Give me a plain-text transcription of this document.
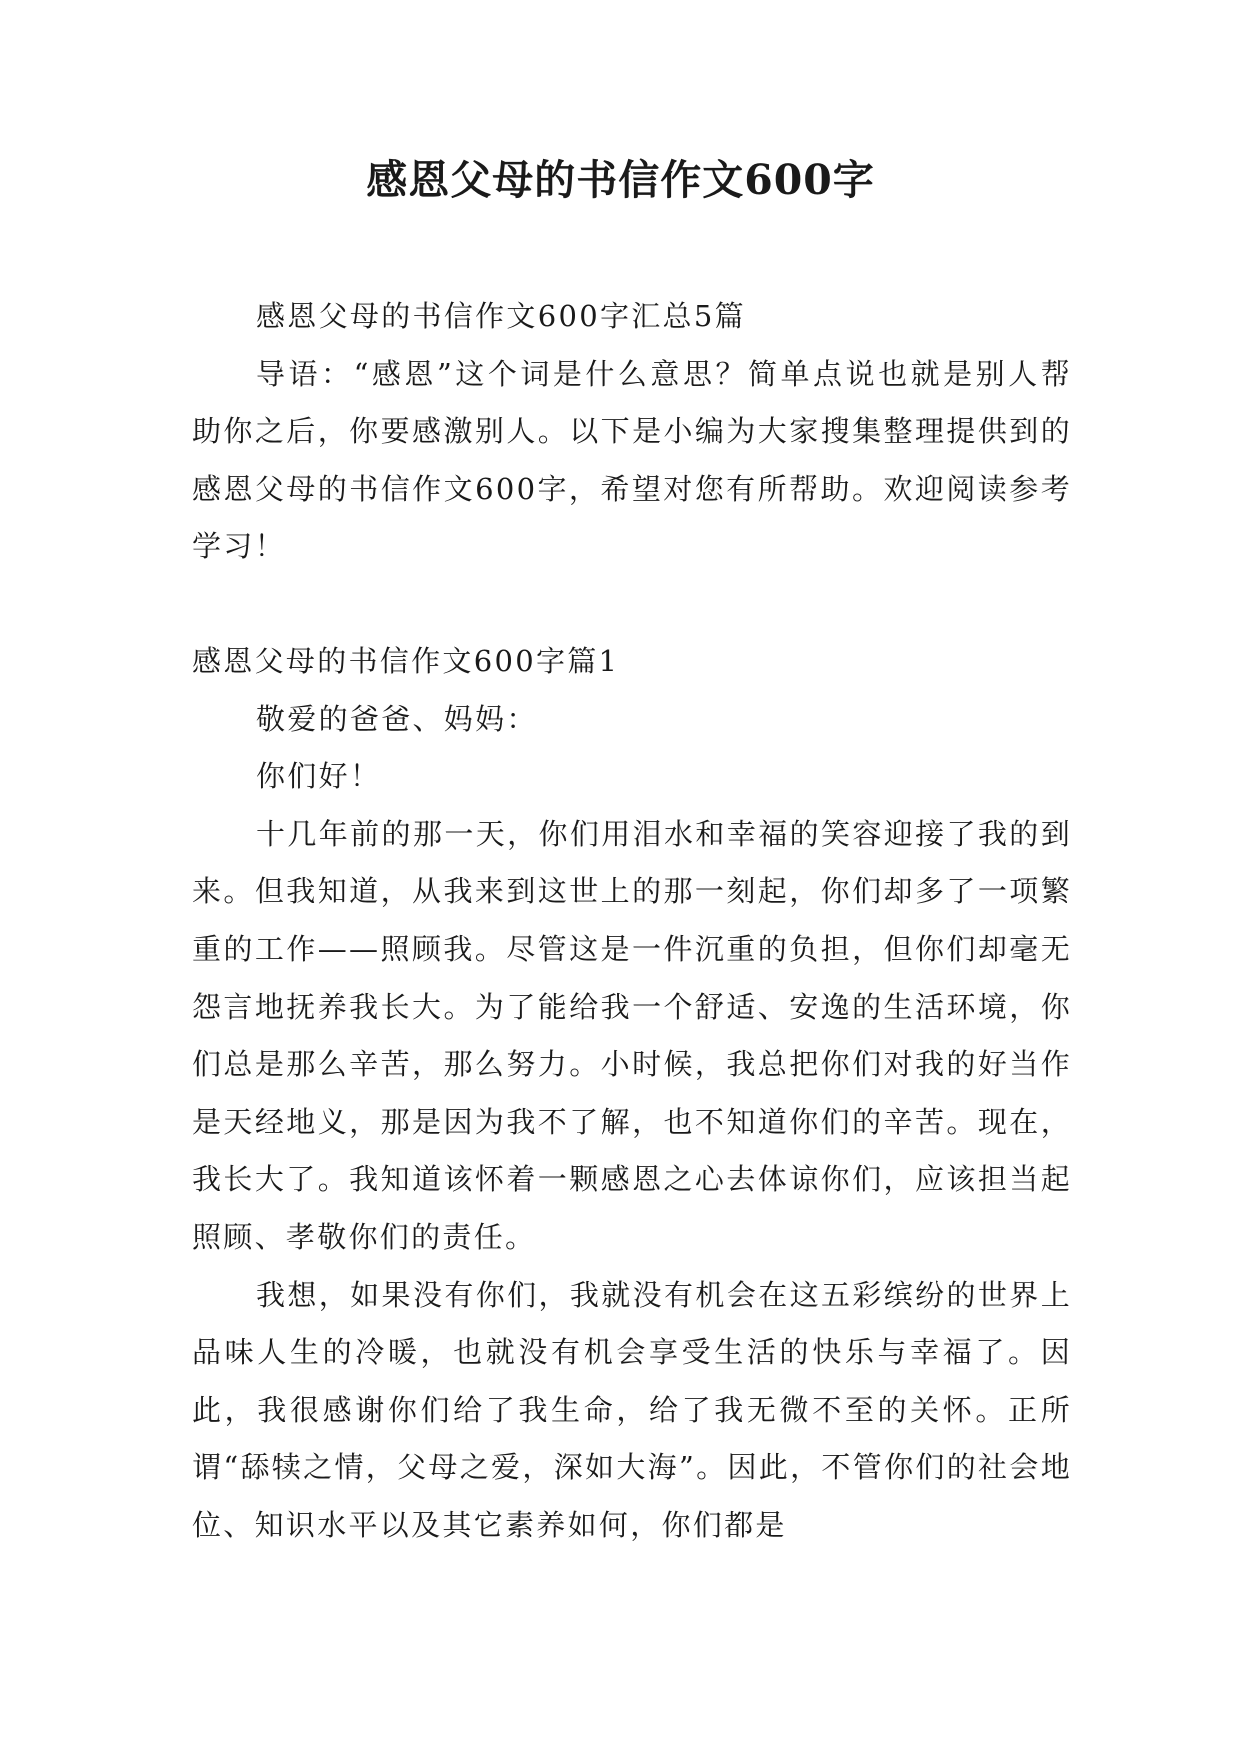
感恩父母的书信作文600字

感恩父母的书信作文600字汇总5篇

导语：“感恩”这个词是什么意思？简单点说也就是别人帮助你之后，你要感激别人。以下是小编为大家搜集整理提供到的感恩父母的书信作文600字，希望对您有所帮助。欢迎阅读参考学习！

感恩父母的书信作文600字篇1

敬爱的爸爸、妈妈：

你们好！

十几年前的那一天，你们用泪水和幸福的笑容迎接了我的到来。但我知道，从我来到这世上的那一刻起，你们却多了一项繁重的工作——照顾我。尽管这是一件沉重的负担，但你们却毫无怨言地抚养我长大。为了能给我一个舒适、安逸的生活环境，你们总是那么辛苦，那么努力。小时候，我总把你们对我的好当作是天经地义，那是因为我不了解，也不知道你们的辛苦。现在，我长大了。我知道该怀着一颗感恩之心去体谅你们，应该担当起照顾、孝敬你们的责任。

我想，如果没有你们，我就没有机会在这五彩缤纷的世界上品味人生的冷暖，也就没有机会享受生活的快乐与幸福了。因此，我很感谢你们给了我生命，给了我无微不至的关怀。正所谓“舔犊之情，父母之爱，深如大海”。因此，不管你们的社会地位、知识水平以及其它素养如何，你们都是
